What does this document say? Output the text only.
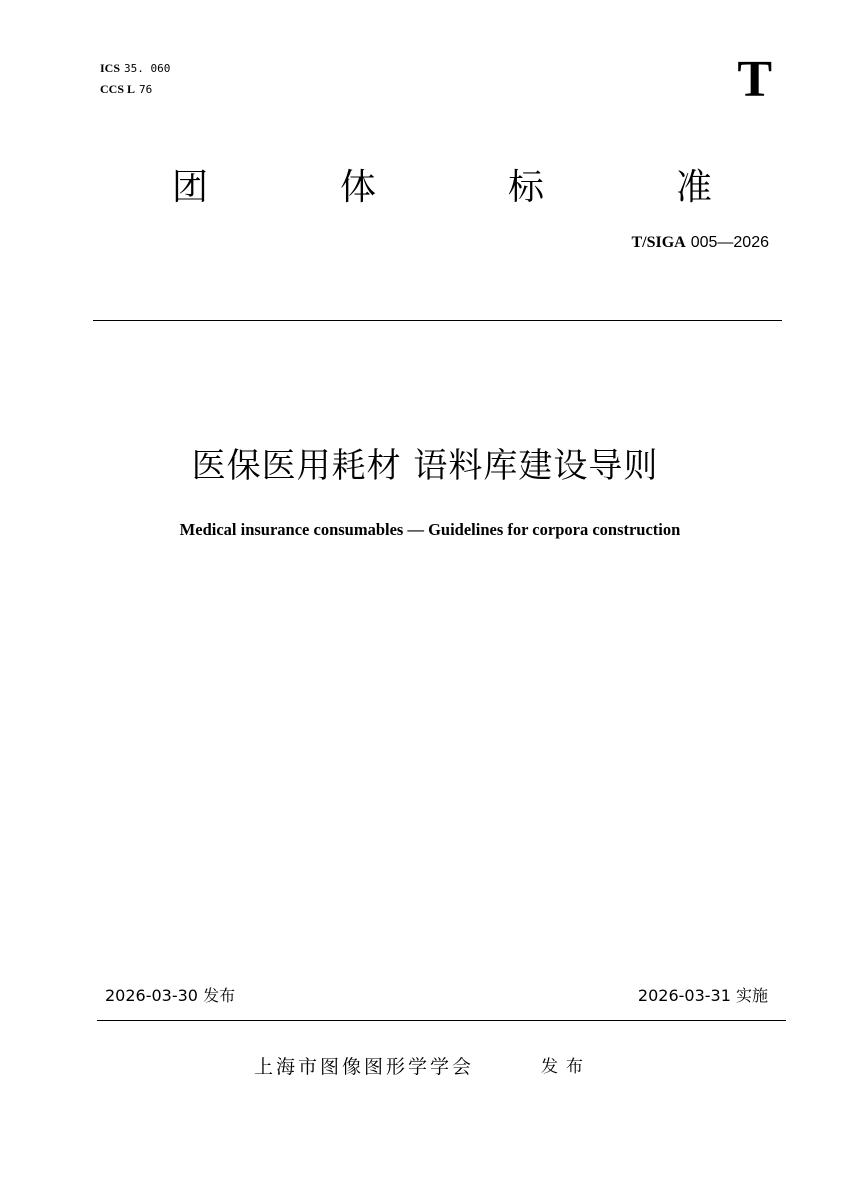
ICS 35. 060
CCS L 76	T
团	体	标	准
T/SIGA 005—2026
医保医用耗材 语料库建设导则
Medical insurance consumables — Guidelines for corpora construction
2026-03-30 发布	2026-03-31 实施
上海市图像图形学学会	发布
